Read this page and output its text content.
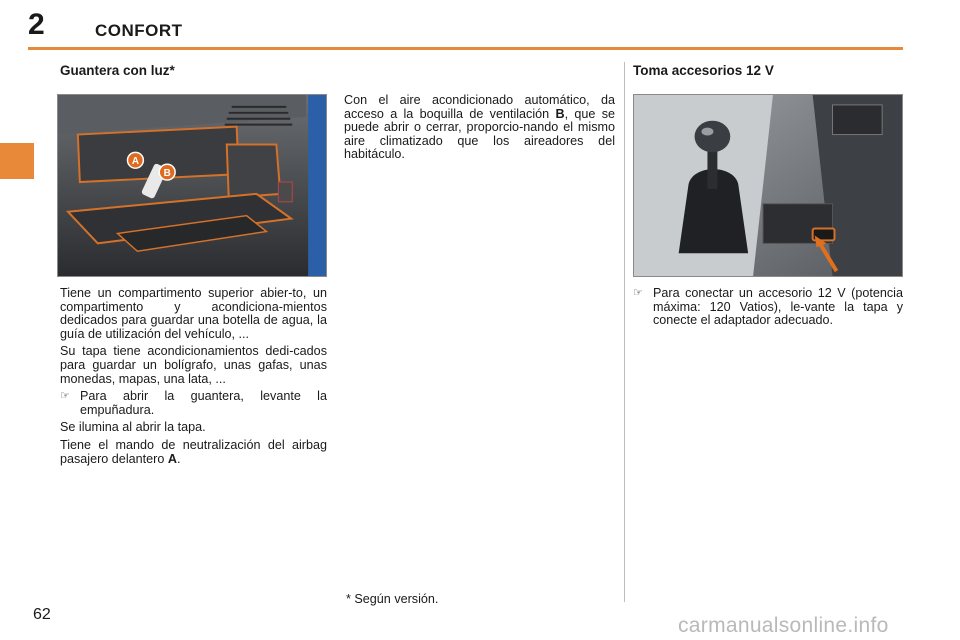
2	CONFORT
Guantera con luz*	Toma accesorios 12 V
A
B

Tiene un compartimento superior abier-to, un compartimento y acondiciona-mientos dedicados para guardar una botella de agua, la guía de utilización del vehículo, ...

Su tapa tiene acondicionamientos dedi-cados para guardar un bolígrafo, unas gafas, unas monedas, mapas, una lata, ...

☞ Para abrir la guantera, levante la empuñadura.

Se ilumina al abrir la tapa.

Tiene el mando de neutralización del airbag pasajero delantero A.

Con el aire acondicionado automático, da acceso a la boquilla de ventilación B, que se puede abrir o cerrar, proporcio-nando el mismo aire climatizado que los aireadores del habitáculo.

☞ Para conectar un accesorio 12 V (potencia máxima: 120 Vatios), le-vante la tapa y conecte el adaptador adecuado.

* Según versión.
62	carmanualsonline.info
